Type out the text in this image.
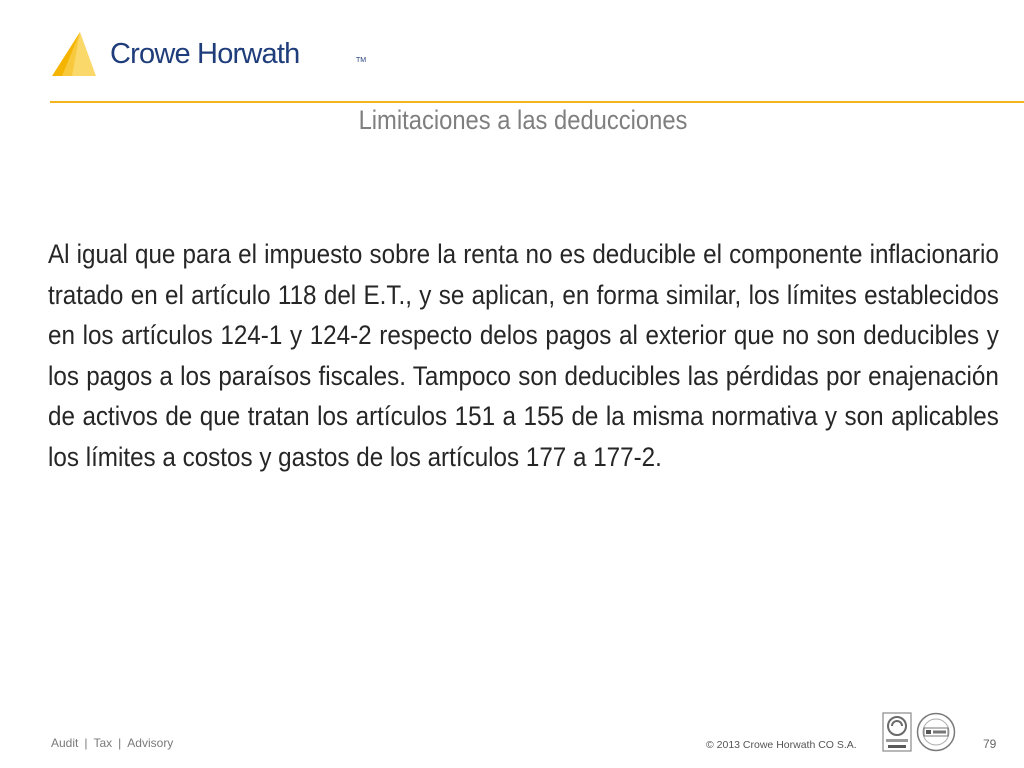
Crowe Horwath	TM
Limitaciones a las deducciones
Al igual que para el impuesto sobre la renta no es deducible el componente inflacionario tratado en el artículo 118 del E.T., y se aplican, en forma similar, los límites establecidos en los artículos 124-1 y 124-2 respecto delos pagos al exterior que no son deducibles y los pagos a los paraísos fiscales. Tampoco son deducibles las pérdidas por enajenación de activos de que tratan los artículos 151 a 155 de la misma normativa y son aplicables los límites a costos y gastos de los artículos 177 a 177-2.
Audit | Tax | Advisory	© 2013 Crowe Horwath CO S.A.	79
